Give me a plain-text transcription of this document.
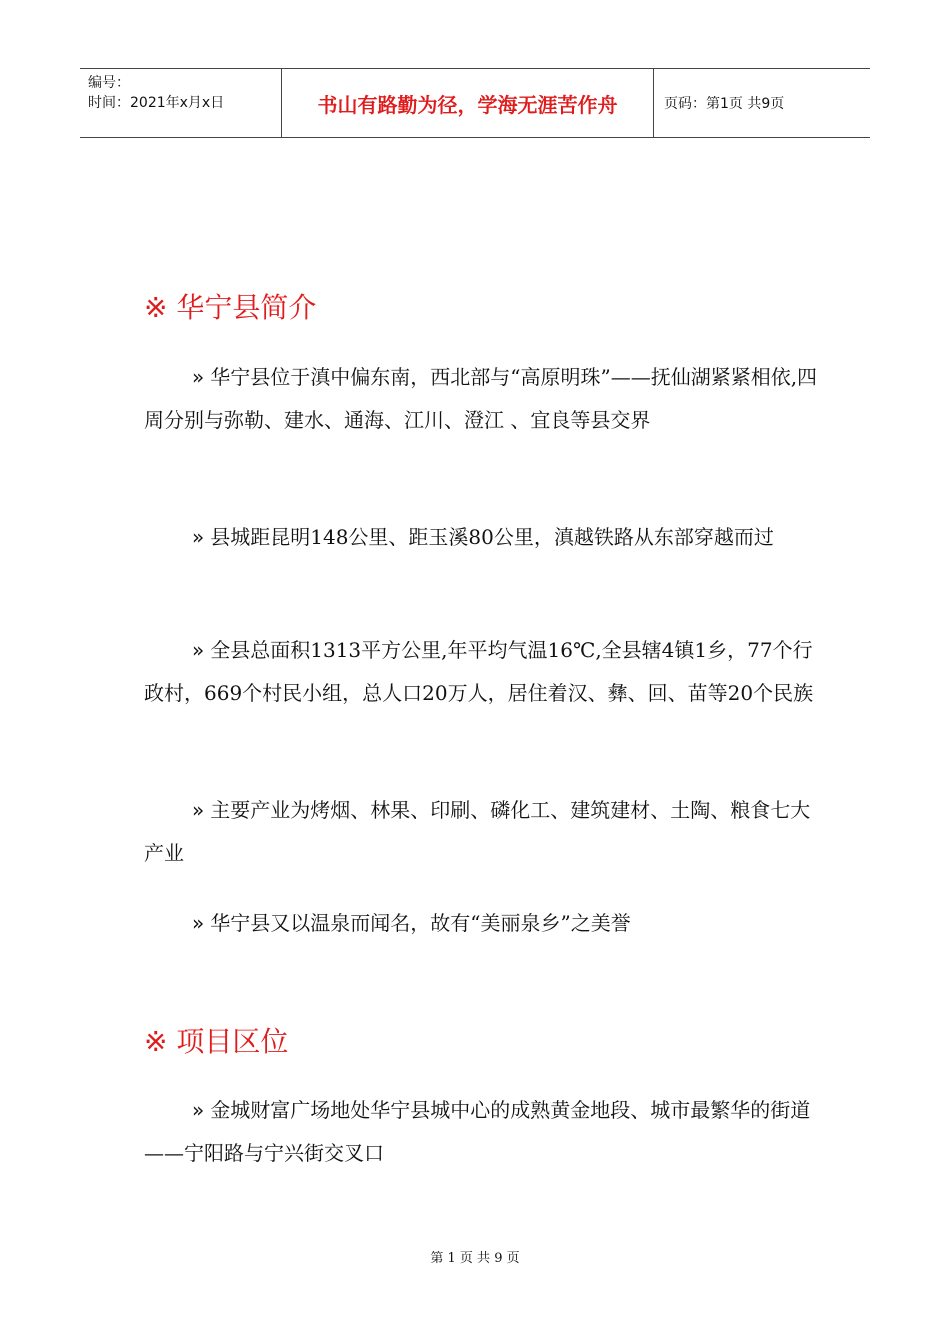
编号：
时间：2021年x月x日	书山有路勤为径，学海无涯苦作舟	页码：第1页 共9页
※ 华宁县简介

» 华宁县位于滇中偏东南，西北部与“高原明珠”——抚仙湖紧紧相依,四周分别与弥勒、建水、通海、江川、澄江 、宜良等县交界

» 县城距昆明148公里、距玉溪80公里，滇越铁路从东部穿越而过

» 全县总面积1313平方公里,年平均气温16℃,全县辖4镇1乡，77个行政村，669个村民小组，总人口20万人，居住着汉、彝、回、苗等20个民族

» 主要产业为烤烟、林果、印刷、磷化工、建筑建材、土陶、粮食七大产业

» 华宁县又以温泉而闻名，故有“美丽泉乡”之美誉

※ 项目区位

» 金城财富广场地处华宁县城中心的成熟黄金地段、城市最繁华的街道——宁阳路与宁兴街交叉口

第 1 页 共 9 页
